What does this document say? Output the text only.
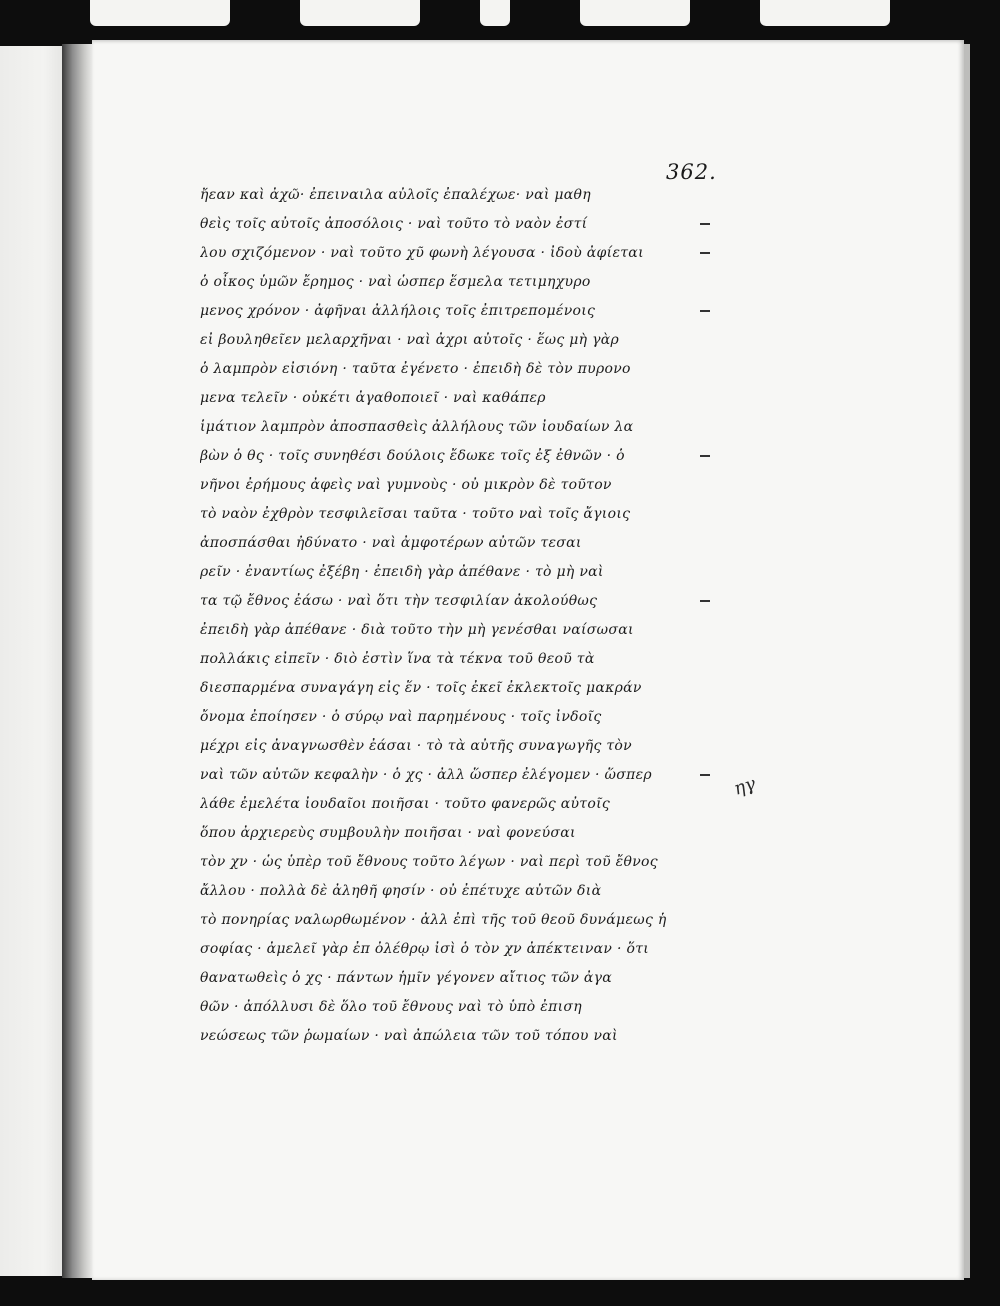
362.
ἤεαν καὶ ἀχῶ· ἐπειναιλα αὐλοῖς ἐπαλέχωε· ναὶ μαθη
θεὶς τοῖς αὐτοῖς ἀποσόλοις · ναὶ τοῦτο τὸ ναὸν ἐστί
λου σχιζόμενον · ναὶ τοῦτο χῦ φωνὴ λέγουσα · ἰδοὺ ἀφίεται
ὁ οἶκος ὑμῶν ἔρημος · ναὶ ὡσπερ ἕσμελα τετιμηχυρο
μενος χρόνον · ἀφῆναι ἀλλήλοις τοῖς ἐπιτρεπομένοις
εἰ βουληθεῖεν μελαρχῆναι · ναὶ ἀχρι αὐτοῖς · ἕως μὴ γὰρ
ὁ λαμπρὸν εἰσιόνη · ταῦτα ἐγένετο · ἐπειδὴ δὲ τὸν πυρονο
μενα τελεῖν · οὐκέτι ἀγαθοποιεῖ · ναὶ καθάπερ
ἱμάτιον λαμπρὸν ἀποσπασθεὶς ἀλλήλους τῶν ἰουδαίων λα
βὼν ὁ θς · τοῖς συνηθέσι δούλοις ἔδωκε τοῖς ἐξ ἐθνῶν · ὁ
νῆνοι ἐρήμους ἀφεὶς ναὶ γυμνοὺς · οὐ μικρὸν δὲ τοῦτον
τὸ ναὸν ἐχθρὸν τεσφιλεῖσαι ταῦτα · τοῦτο ναὶ τοῖς ἄγιοις
ἀποσπάσθαι ἠδύνατο · ναὶ ἀμφοτέρων αὐτῶν τεσαι
ρεῖν · ἐναντίως ἐξέβη · ἐπειδὴ γὰρ ἀπέθανε · τὸ μὴ ναὶ
τα τῷ ἔθνος ἐάσω · ναὶ ὅτι τὴν τεσφιλίαν ἀκολούθως
ἐπειδὴ γὰρ ἀπέθανε · διὰ τοῦτο τὴν μὴ γενέσθαι ναίσωσαι
πολλάκις εἰπεῖν · διὸ ἐστὶν ἵνα τὰ τέκνα τοῦ θεοῦ τὰ
διεσπαρμένα συναγάγη εἰς ἕν · τοῖς ἐκεῖ ἐκλεκτοῖς μακράν
ὄνομα ἐποίησεν · ὁ σύρῳ ναὶ παρημένους · τοῖς ἰνδοῖς
μέχρι εἰς ἀναγνωσθὲν ἐάσαι · τὸ τὰ αὐτῆς συναγωγῆς τὸν
ναὶ τῶν αὐτῶν κεφαλὴν · ὁ χς · ἀλλ ὥσπερ ἐλέγομεν · ὥσπερ
λάθε ἐμελέτα ἰουδαῖοι ποιῆσαι · τοῦτο φανερῶς αὐτοῖς
ὅπου ἀρχιερεὺς συμβουλὴν ποιῆσαι · ναὶ φονεύσαι
τὸν χν · ὡς ὑπὲρ τοῦ ἔθνους τοῦτο λέγων · ναὶ περὶ τοῦ ἔθνος
ἄλλου · πολλὰ δὲ ἀληθῆ φησίν · οὐ ἐπέτυχε αὐτῶν διὰ
τὸ πονηρίας ναλωρθωμένον · ἀλλ ἐπὶ τῆς τοῦ θεοῦ δυνάμεως ἡ
σοφίας · ἀμελεῖ γὰρ ἐπ ὀλέθρῳ ἰσὶ ὁ τὸν χν ἀπέκτειναν · ὅτι
θανατωθεὶς ὁ χς · πάντων ἡμῖν γέγονεν αἴτιος τῶν ἀγα
θῶν · ἀπόλλυσι δὲ ὅλο τοῦ ἔθνους ναὶ τὸ ὑπὸ ἐπιση
νεώσεως τῶν ῥωμαίων · ναὶ ἀπώλεια τῶν τοῦ τόπου ναὶ
ηγ
